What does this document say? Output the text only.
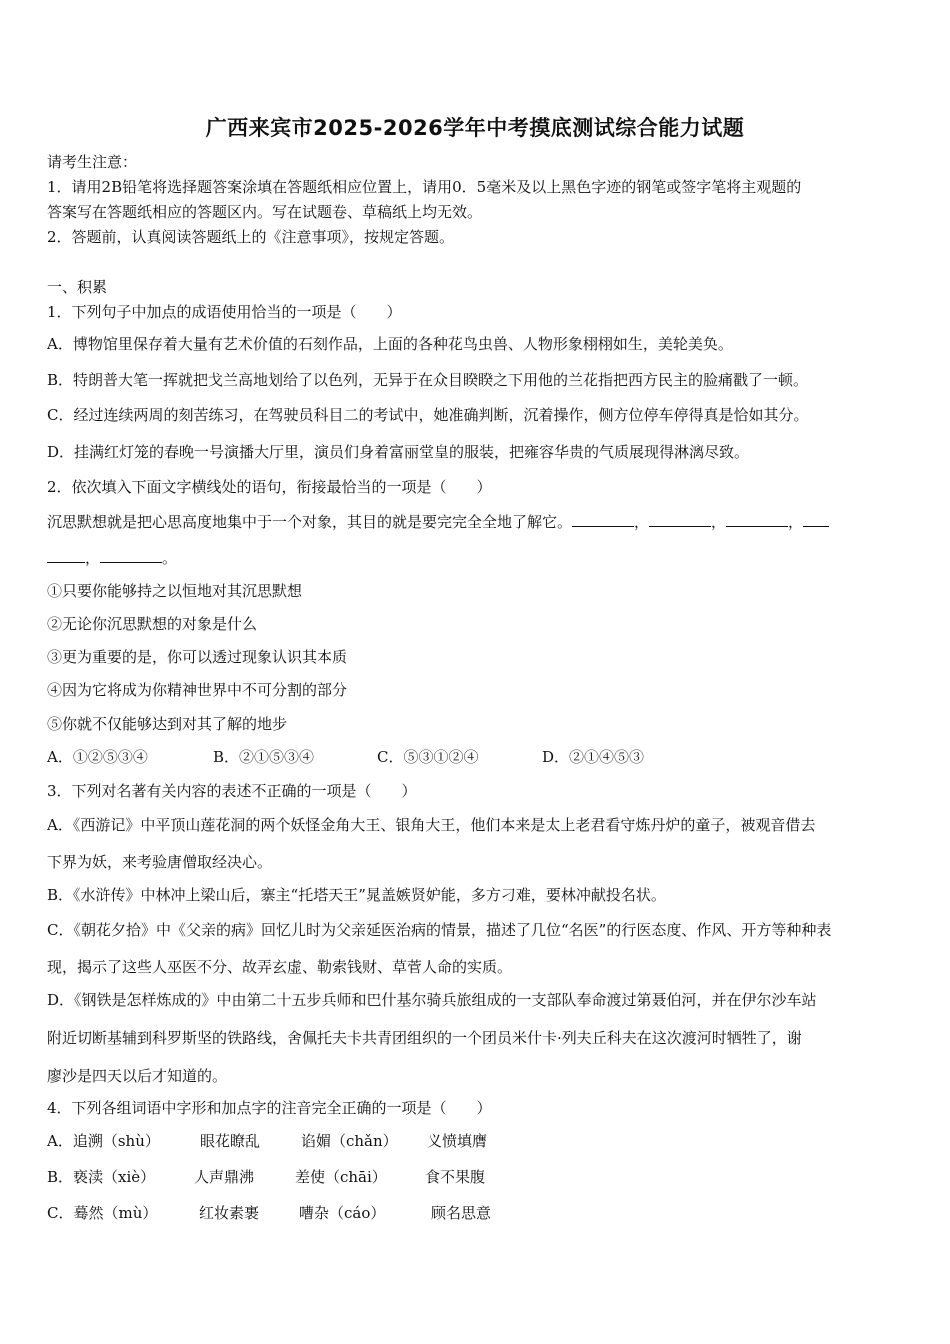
广西来宾市2025-2026学年中考摸底测试综合能力试题
请考生注意：
1．请用2B铅笔将选择题答案涂填在答题纸相应位置上，请用0．5毫米及以上黑色字迹的钢笔或签字笔将主观题的
答案写在答题纸相应的答题区内。写在试题卷、草稿纸上均无效。
2．答题前，认真阅读答题纸上的《注意事项》，按规定答题。
一、积累
1．下列句子中加点的成语使用恰当的一项是（　　）
A．博物馆里保存着大量有艺术价值的石刻作品，上面的各种花鸟虫兽、人物形象栩栩如生，美轮美奂。
B．特朗普大笔一挥就把戈兰高地划给了以色列，无异于在众目睽睽之下用他的兰花指把西方民主的脸痛戳了一顿。
C．经过连续两周的刻苦练习，在驾驶员科目二的考试中，她准确判断，沉着操作，侧方位停车停得真是恰如其分。
D．挂满红灯笼的春晚一号演播大厅里，演员们身着富丽堂皇的服装，把雍容华贵的气质展现得淋漓尽致。
2．依次填入下面文字横线处的语句，衔接最恰当的一项是（　　）
沉思默想就是把心思高度地集中于一个对象，其目的就是要完完全全地了解它。	，	，	，
，	。
①只要你能够持之以恒地对其沉思默想
②无论你沉思默想的对象是什么
③更为重要的是，你可以透过现象认识其本质
④因为它将成为你精神世界中不可分割的部分
⑤你就不仅能够达到对其了解的地步
A．①②⑤③④	B．②①⑤③④	C．⑤③①②④	D．②①④⑤③
3．下列对名著有关内容的表述不正确的一项是（　　）
A．《西游记》中平顶山莲花洞的两个妖怪金角大王、银角大王，他们本来是太上老君看守炼丹炉的童子，被观音借去
下界为妖，来考验唐僧取经决心。
B．《水浒传》中林冲上梁山后，寨主“托塔天王”晁盖嫉贤妒能，多方刁难，要林冲献投名状。
C．《朝花夕拾》中《父亲的病》回忆儿时为父亲延医治病的情景，描述了几位“名医”的行医态度、作风、开方等种种表
现，揭示了这些人巫医不分、故弄玄虚、勒索钱财、草菅人命的实质。
D．《钢铁是怎样炼成的》中由第二十五步兵师和巴什基尔骑兵旅组成的一支部队奉命渡过第聂伯河，并在伊尔沙车站
附近切断基辅到科罗斯坚的铁路线，舍佩托夫卡共青团组织的一个团员米什卡·列夫丘科夫在这次渡河时牺牲了，谢
廖沙是四天以后才知道的。
4．下列各组词语中字形和加点字的注音完全正确的一项是（　　）
A．追溯（shù）	眼花瞭乱	谄媚（chǎn） 义愤填膺
B．亵渎（xiè）	人声鼎沸	差使（chāi）	食不果腹
C．蓦然（mù）	红妆素裹	嘈杂（cáo）	顾名思意
